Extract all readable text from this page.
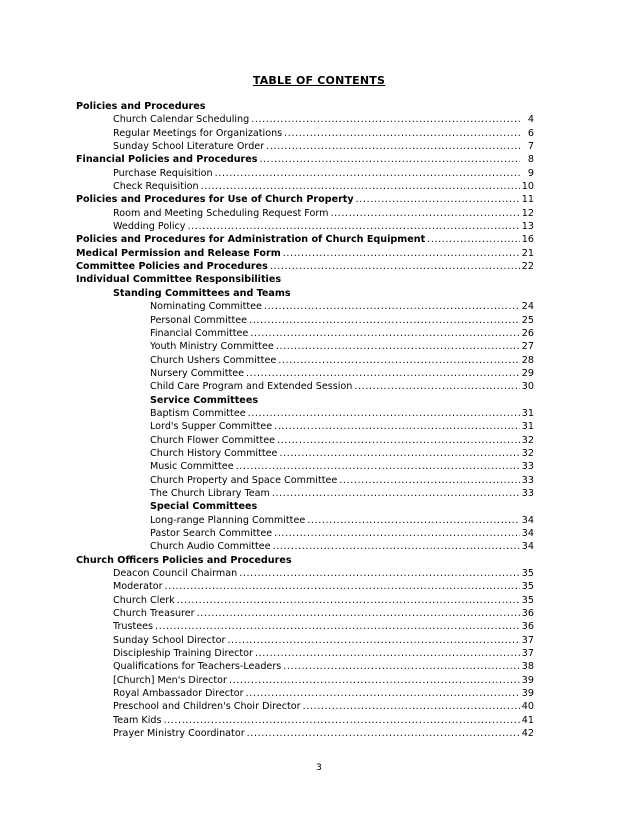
TABLE OF CONTENTS
Policies and Procedures
Church Calendar Scheduling .....	4
Regular Meetings for Organizations .....	6
Sunday School Literature Order .....	7
Financial Policies and Procedures .....	8
Purchase Requisition .....	9
Check Requisition .....	10
Policies and Procedures for Use of Church Property .....	11
Room and Meeting Scheduling Request Form .....	12
Wedding Policy .....	13
Policies and Procedures for Administration of Church Equipment .....	16
Medical Permission and Release Form .....	21
Committee Policies and Procedures .....	22
Individual Committee Responsibilities
Standing Committees and Teams
Nominating Committee .....	24
Personal Committee .....	25
Financial Committee .....	26
Youth Ministry Committee .....	27
Church Ushers Committee .....	28
Nursery Committee .....	29
Child Care Program and Extended Session .....	30
Service Committees
Baptism Committee .....	31
Lord's Supper Committee .....	31
Church Flower Committee .....	32
Church History Committee .....	32
Music Committee .....	33
Church Property and Space Committee .....	33
The Church Library Team .....	33
Special Committees
Long-range Planning Committee .....	34
Pastor Search Committee .....	34
Church Audio Committee .....	34
Church Officers Policies and Procedures
Deacon Council Chairman .....	35
Moderator .....	35
Church Clerk .....	35
Church Treasurer .....	36
Trustees .....	36
Sunday School Director .....	37
Discipleship Training Director .....	37
Qualifications for Teachers-Leaders .....	38
[Church] Men's Director .....	39
Royal Ambassador Director .....	39
Preschool and Children's Choir Director .....	40
Team Kids .....	41
Prayer Ministry Coordinator .....	42
3
